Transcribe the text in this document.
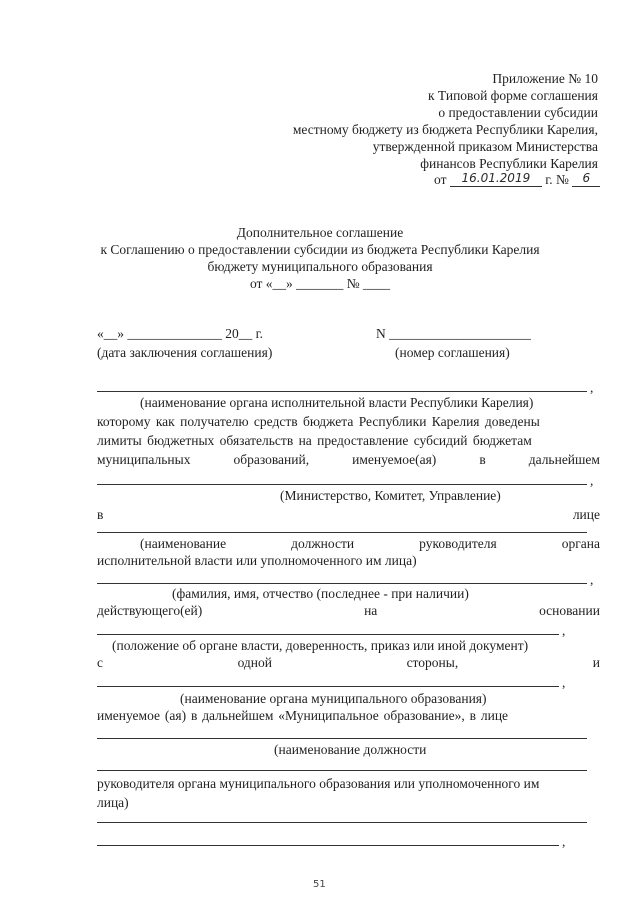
Приложение № 10
к Типовой форме соглашения
о предоставлении субсидии
местному бюджету из бюджета Республики Карелия,
утвержденной приказом Министерства
финансов Республики Карелия
от 16.01.2019 г. № 6
Дополнительное соглашение
к Соглашению о предоставлении субсидии из бюджета Республики Карелия
бюджету муниципального образования
от «__» _______ № ____
«__» ______________ 20__ г.	N _____________________
(дата заключения соглашения)	(номер соглашения)
,
(наименование органа исполнительной власти Республики Карелия)
которому как получателю средств бюджета Республики Карелия доведены
лимиты бюджетных обязательств на предоставление субсидий бюджетам
муниципальных	образований,	именуемое(ая)	в	дальнейшем
,
(Министерство, Комитет, Управление)
в	лице
(наименование	должности	руководителя	органа
исполнительной власти или уполномоченного им лица)
,
(фамилия, имя, отчество (последнее - при наличии)
действующего(ей)	на	основании
,
(положение об органе власти, доверенность, приказ или иной документ)
с	одной	стороны,	и
,
(наименование органа муниципального образования)
именуемое (ая) в дальнейшем «Муниципальное образование», в лице
(наименование должности
руководителя органа муниципального образования или уполномоченного им
лица)
,
51
